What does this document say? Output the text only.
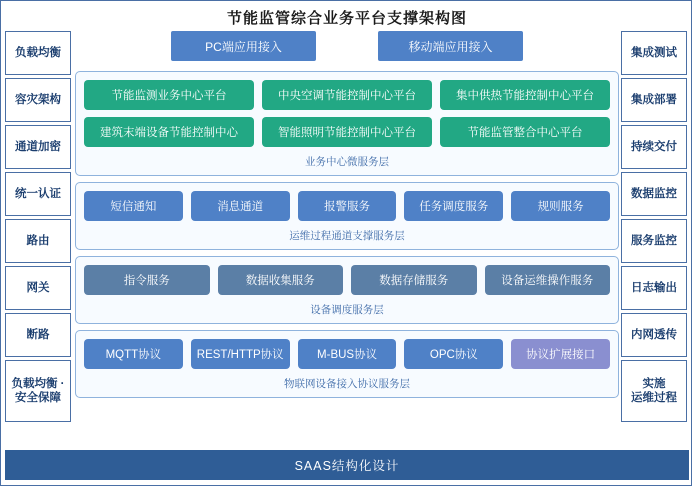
节能监管综合业务平台支撑架构图
负载均衡
容灾架构
通道加密
统一认证
路由
网关
断路
负载均衡 ·
安全保障
集成测试
集成部署
持续交付
数据监控
服务监控
日志输出
内网透传
实施
运维过程
PC端应用接入	移动端应用接入
节能监测业务中心平台	中央空调节能控制中心平台	集中供热节能控制中心平台
建筑末端设备节能控制中心	智能照明节能控制中心平台	节能监管整合中心平台
业务中心微服务层
短信通知	消息通道	报警服务	任务调度服务	规则服务
运维过程通道支撑服务层
指令服务	数据收集服务	数据存储服务	设备运维操作服务
设备调度服务层
MQTT协议	REST/HTTP协议	M-BUS协议	OPC协议	协议扩展接口
物联网设备接入协议服务层
SAAS结构化设计
